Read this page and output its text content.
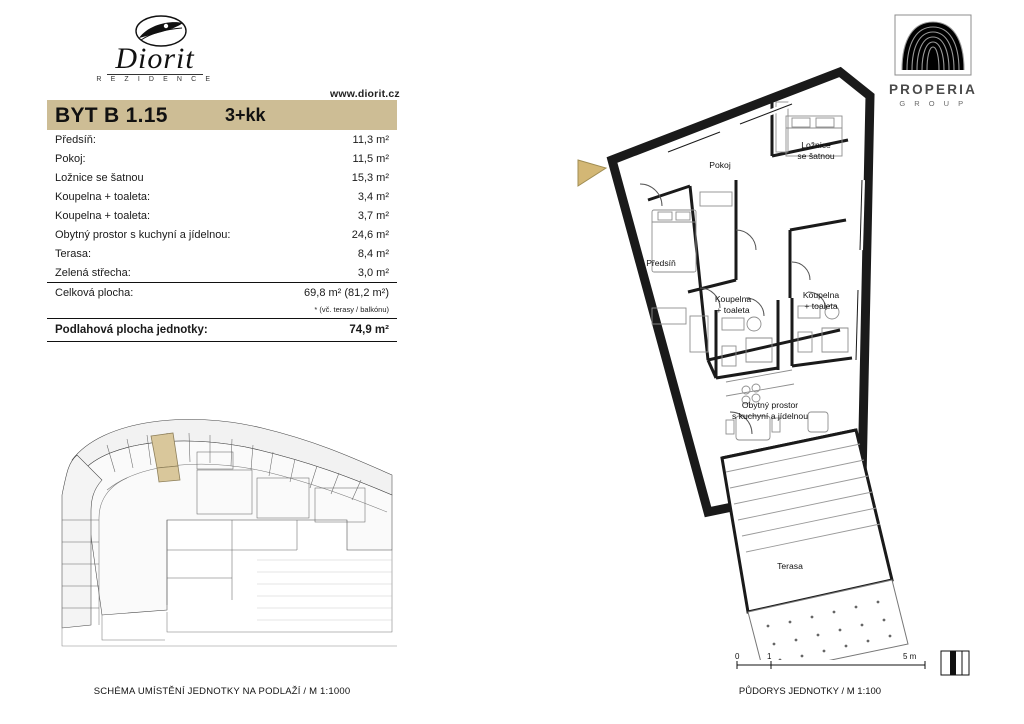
Diorit
R E Z I D E N C E
www.diorit.cz
BYT B 1.15	3+kk
Předsíň:	11,3 m²
Pokoj:	11,5 m²
Ložnice se šatnou	15,3 m²
Koupelna + toaleta:	3,4 m²
Koupelna + toaleta:	3,7 m²
Obytný prostor s kuchyní a jídelnou:	24,6 m²
Terasa:	8,4 m²
Zelená střecha:	3,0 m²
Celková plocha:	69,8 m² (81,2 m²)
* (vč. terasy / balkónu)
Podlahová plocha jednotky:	74,9 m²
SCHÉMA UMÍSTĚNÍ JEDNOTKY NA PODLAŽÍ / M 1:1000
PROPERIA
G R O U P
Pokoj
Ložnice
se šatnou
Předsíň
Koupelna
+ toaleta
Koupelna
+ toaleta
Obytný prostor
s kuchyní a jídelnou
Terasa
0	1	5 m
PŮDORYS JEDNOTKY / M 1:100
